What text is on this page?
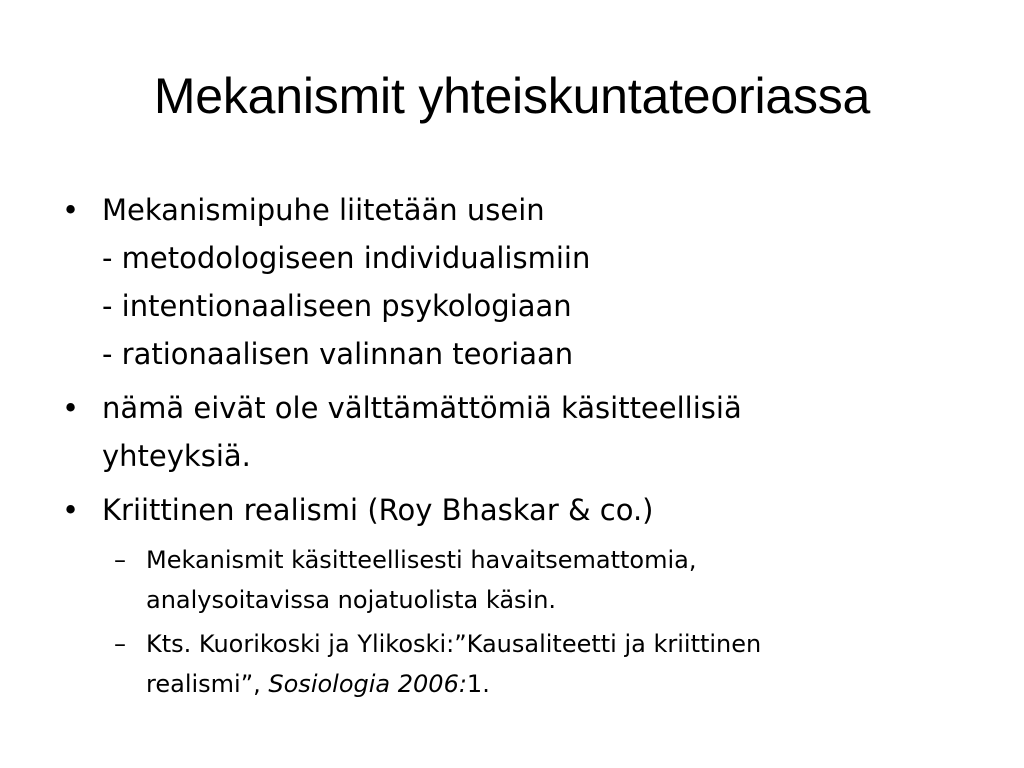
Mekanismit yhteiskuntateoriassa
• Mekanismipuhe liitetään usein
- metodologiseen individualismiin
- intentionaaliseen psykologiaan
- rationaalisen valinnan teoriaan
• nämä eivät ole välttämättömiä käsitteellisiä
yhteyksiä.
• Kriittinen realismi (Roy Bhaskar & co.)
– Mekanismit käsitteellisesti havaitsemattomia,
analysoitavissa nojatuolista käsin.
– Kts. Kuorikoski ja Ylikoski:”Kausaliteetti ja kriittinen
realismi”, Sosiologia 2006:1.
